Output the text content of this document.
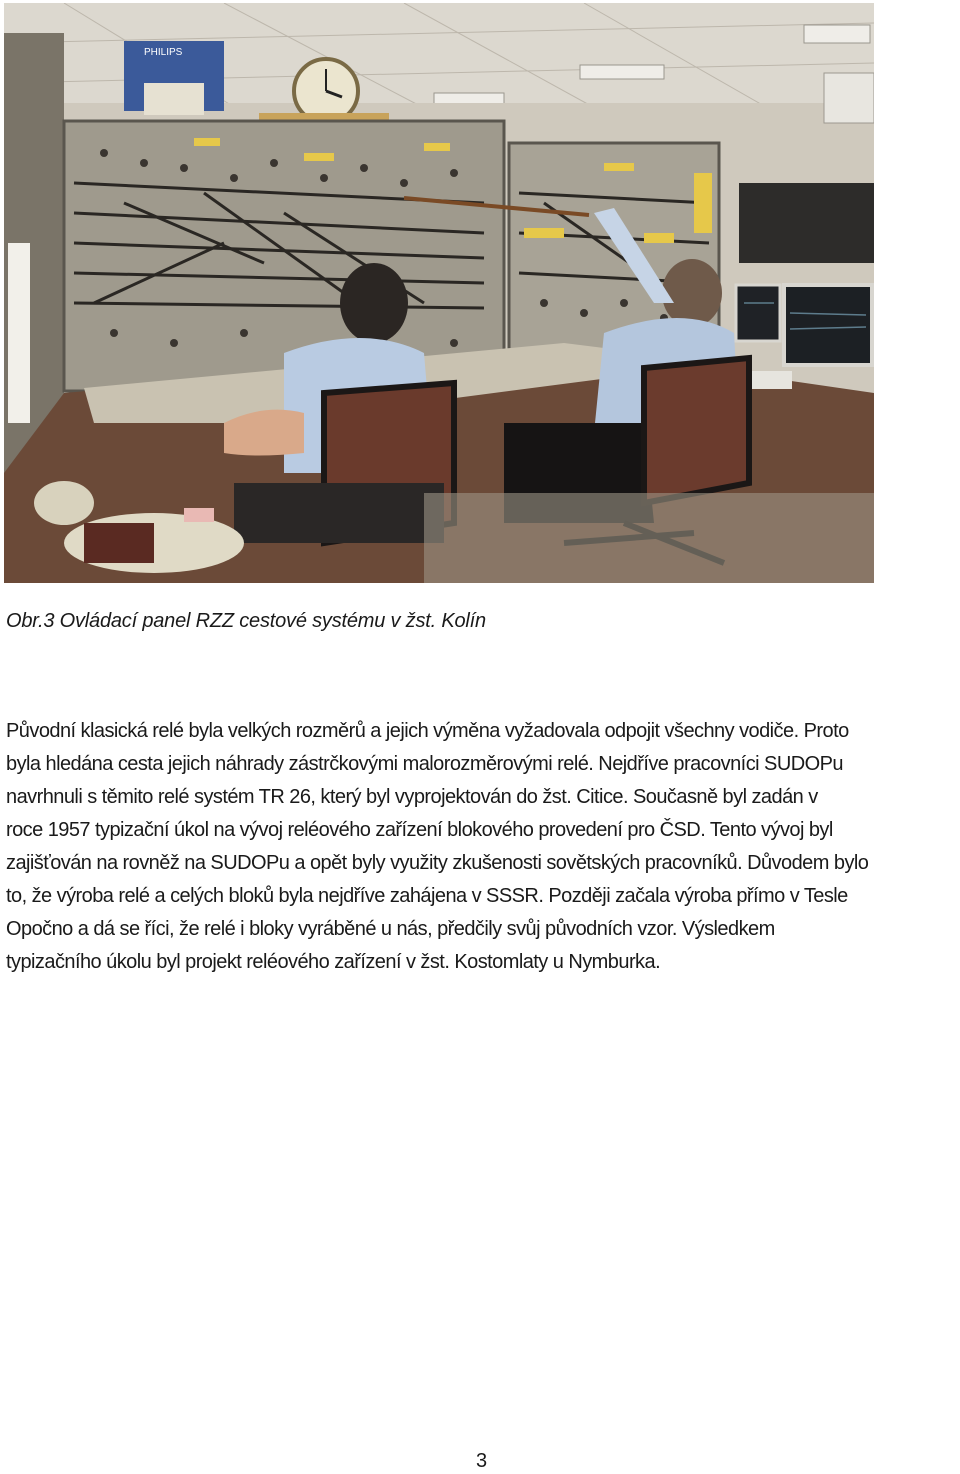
PHILIPS

Obr.3 Ovládací panel RZZ cestové systému v žst. Kolín

Původní klasická relé byla velkých rozměrů a jejich výměna vyžadovala odpojit všechny vodiče. Proto
byla hledána cesta jejich náhrady zástrčkovými malorozměrovými relé. Nejdříve pracovníci SUDOPu
navrhnuli s těmito relé systém TR 26, který byl vyprojektován do žst. Citice. Současně byl zadán v
roce 1957 typizační úkol na vývoj reléového zařízení blokového provedení pro ČSD. Tento vývoj byl
zajišťován na rovněž na SUDOPu a opět byly využity zkušenosti sovětských pracovníků. Důvodem bylo
to, že výroba relé a celých bloků byla nejdříve zahájena v SSSR. Později začala výroba přímo v Tesle
Opočno a dá se říci, že relé i bloky vyráběné u nás, předčily svůj původních vzor. Výsledkem
typizačního úkolu byl projekt reléového zařízení v žst. Kostomlaty u Nymburka.

3
